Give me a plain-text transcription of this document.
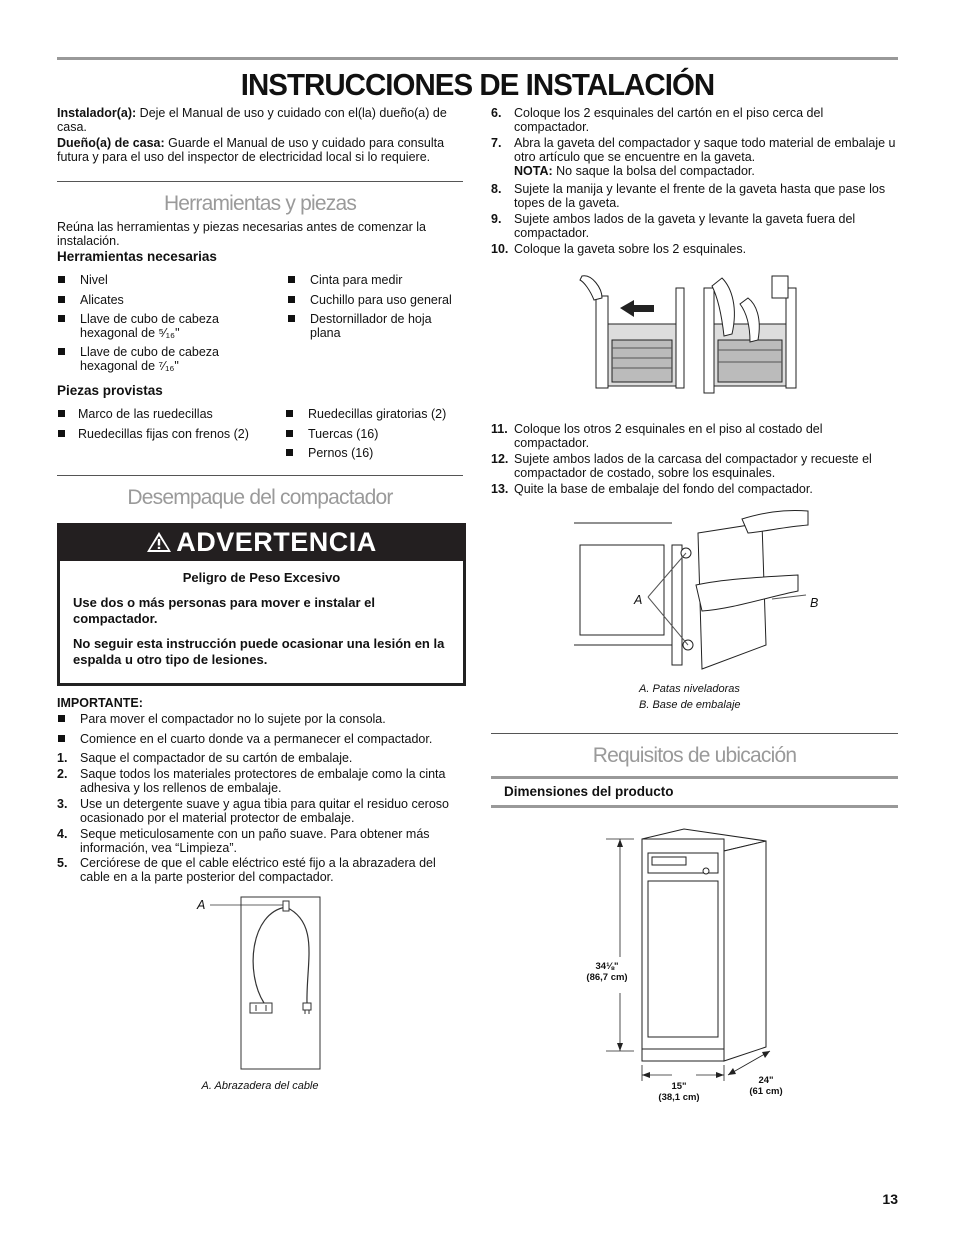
INSTRUCCIONES DE INSTALACIÓN

Instalador(a): Deje el Manual de uso y cuidado con el(la) dueño(a) de casa.

Dueño(a) de casa: Guarde el Manual de uso y cuidado para consulta futura y para el uso del inspector de electricidad local si lo requiere.

Herramientas y piezas
Reúna las herramientas y piezas necesarias antes de comenzar la instalación.
Herramientas necesarias
Nivel
Alicates
Llave de cubo de cabeza hexagonal de ⁵⁄₁₆"
Llave de cubo de cabeza hexagonal de ⁷⁄₁₆"
Cinta para medir
Cuchillo para uso general
Destornillador de hoja plana
Piezas provistas
Marco de las ruedecillas
Ruedecillas fijas con frenos (2)
Ruedecillas giratorias (2)
Tuercas (16)
Pernos (16)
Desempaque del compactador
ADVERTENCIA
Peligro de Peso Excesivo
Use dos o más personas para mover e instalar el compactador.
No seguir esta instrucción puede ocasionar una lesión en la espalda u otro tipo de lesiones.
IMPORTANTE:
Para mover el compactador no lo sujete por la consola.
Comience en el cuarto donde va a permanecer el compactador.
1. Saque el compactador de su cartón de embalaje.
2. Saque todos los materiales protectores de embalaje como la cinta adhesiva y los rellenos de embalaje.
3. Use un detergente suave y agua tibia para quitar el residuo ceroso ocasionado por el material protector de embalaje.
4. Seque meticulosamente con un paño suave. Para obtener más información, vea “Limpieza”.
5. Cerciórese de que el cable eléctrico esté fijo a la abrazadera del cable en a la parte posterior del compactador.
A
A. Abrazadera del cable
6. Coloque los 2 esquinales del cartón en el piso cerca del compactador.
7. Abra la gaveta del compactador y saque todo material de embalaje u otro artículo que se encuentre en la gaveta.
NOTA: No saque la bolsa del compactador.
8. Sujete la manija y levante el frente de la gaveta hasta que pase los topes de la gaveta.
9. Sujete ambos lados de la gaveta y levante la gaveta fuera del compactador.
10. Coloque la gaveta sobre los 2 esquinales.
11. Coloque los otros 2 esquinales en el piso al costado del compactador.
12. Sujete ambos lados de la carcasa del compactador y recueste el compactador de costado, sobre los esquinales.
13. Quite la base de embalaje del fondo del compactador.
A	B
A. Patas niveladoras
B. Base de embalaje
Requisitos de ubicación
Dimensiones del producto
34⅛"
(86,7 cm)
15"
(38,1 cm)
24"
(61 cm)
13
